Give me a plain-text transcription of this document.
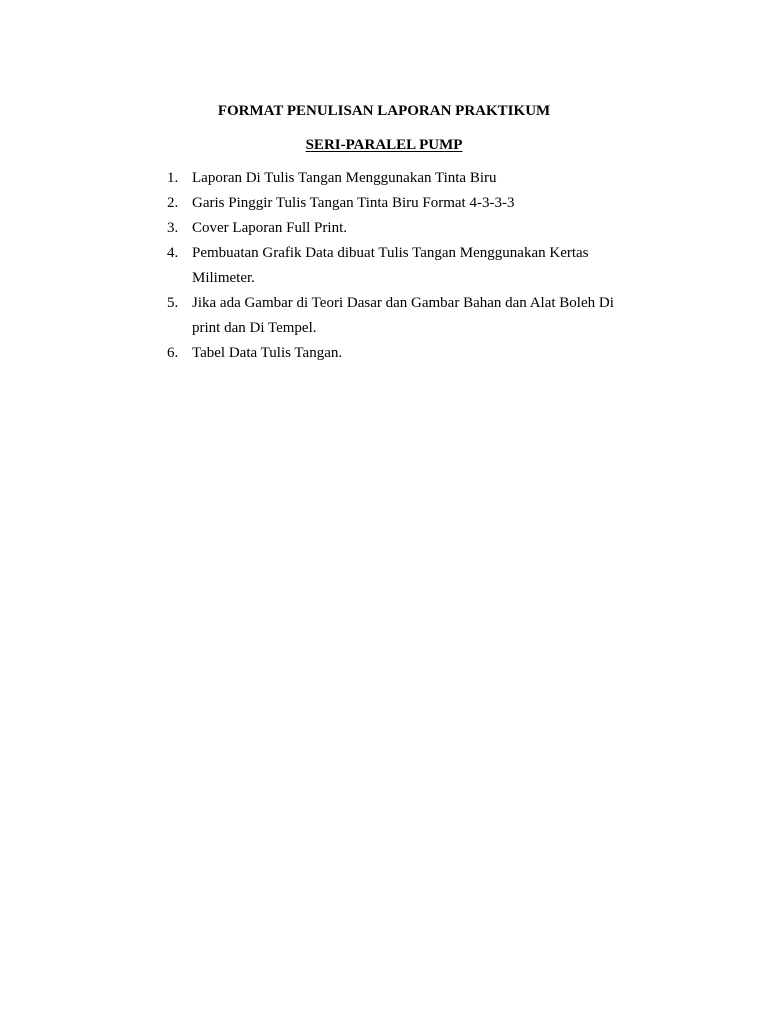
FORMAT PENULISAN LAPORAN PRAKTIKUM

SERI-PARALEL PUMP

1. Laporan Di Tulis Tangan Menggunakan Tinta Biru
2. Garis Pinggir Tulis Tangan Tinta Biru Format 4-3-3-3
3. Cover Laporan Full Print.
4. Pembuatan Grafik Data dibuat Tulis Tangan Menggunakan Kertas Milimeter.
5. Jika ada Gambar di Teori Dasar dan Gambar Bahan dan Alat Boleh Di print dan Di Tempel.
6. Tabel Data Tulis Tangan.
